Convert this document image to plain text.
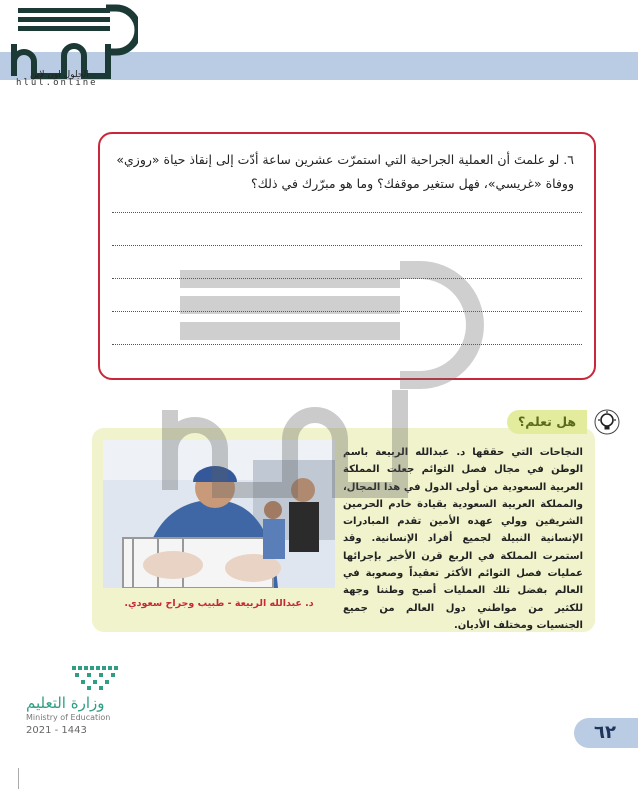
الحلول اون لاين
hlul.online
٦. لو علمتَ أن العملية الجراحية التي استمرّت عشرين ساعة أدّت إلى إنقاذ حياة «روزي» ووفاة «غريسي»، فهل ستغير موقفك؟ وما هو مبرّرك في ذلك؟
هل تعلم؟
النجاحات التي حققها د. عبدالله الربيعة باسم الوطن في مجال فصل التوائم جعلت المملكة العربية السعودية من أولى الدول في هذا المجال، والمملكة العربية السعودية بقيادة خادم الحرمين الشريفين وولي عهده الأمين تقدم المبادرات الإنسانية النبيلة لجميع أفراد الإنسانية. وقد استمرت المملكة في الربع قرن الأخير بإجرائها عمليات فصل التوائم الأكثر تعقيداً وصعوبة في العالم بفضل تلك العمليات أصبح وطننا وجهة للكثير من مواطني دول العالم من جميع الجنسيات ومختلف الأديان.
د. عبدالله الربيعة - طبيب وجراح سعودي.
وزارة التعليم
Ministry of Education
2021 - 1443	٦٢
